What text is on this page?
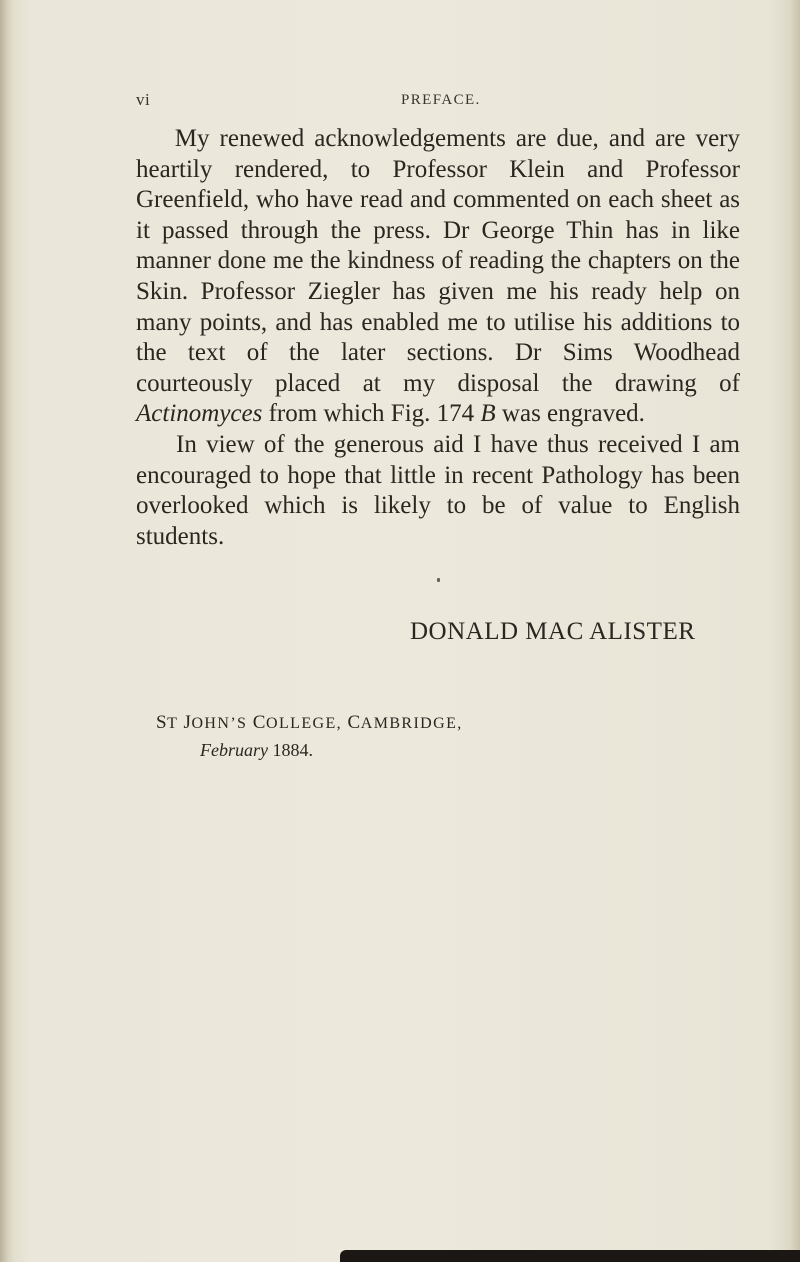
vi	PREFACE.

My renewed acknowledgements are due, and are very heartily rendered, to Professor Klein and Professor Greenfield, who have read and commented on each sheet as it passed through the press. Dr George Thin has in like manner done me the kindness of reading the chapters on the Skin. Professor Ziegler has given me his ready help on many points, and has enabled me to utilise his additions to the text of the later sections. Dr Sims Woodhead courteously placed at my disposal the drawing of Actinomyces from which Fig. 174 B was engraved.

In view of the generous aid I have thus received I am encouraged to hope that little in recent Pathology has been overlooked which is likely to be of value to English students.

DONALD MAC ALISTER
ST JOHN’S COLLEGE, CAMBRIDGE,
February 1884.
